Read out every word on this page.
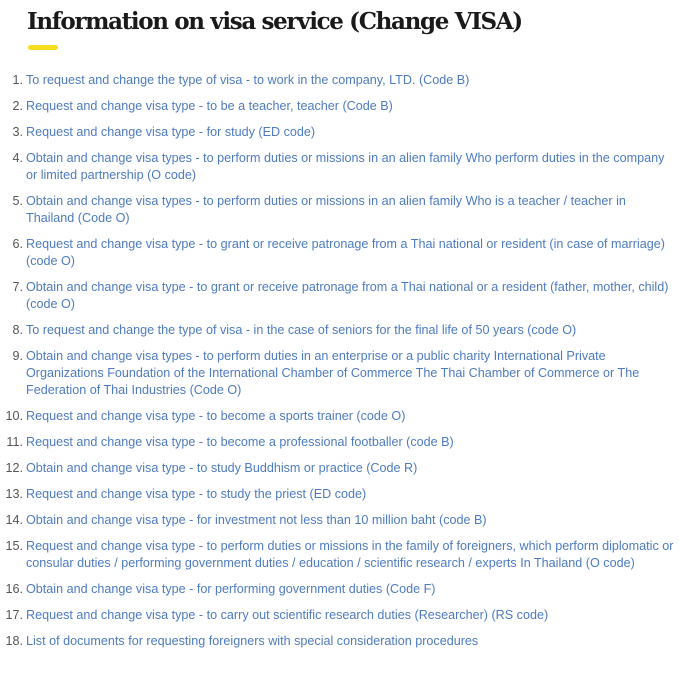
Information on visa service (Change VISA)
1. To request and change the type of visa - to work in the company, LTD. (Code B)
2. Request and change visa type - to be a teacher, teacher (Code B)
3. Request and change visa type - for study (ED code)
4. Obtain and change visa types - to perform duties or missions in an alien family Who perform duties in the company or limited partnership (O code)
5. Obtain and change visa types - to perform duties or missions in an alien family Who is a teacher / teacher in Thailand (Code O)
6. Request and change visa type - to grant or receive patronage from a Thai national or resident (in case of marriage) (code O)
7. Obtain and change visa type - to grant or receive patronage from a Thai national or a resident (father, mother, child) (code O)
8. To request and change the type of visa - in the case of seniors for the final life of 50 years (code O)
9. Obtain and change visa types - to perform duties in an enterprise or a public charity International Private Organizations Foundation of the International Chamber of Commerce The Thai Chamber of Commerce or The Federation of Thai Industries (Code O)
10. Request and change visa type - to become a sports trainer (code O)
11. Request and change visa type - to become a professional footballer (code B)
12. Obtain and change visa type - to study Buddhism or practice (Code R)
13. Request and change visa type - to study the priest (ED code)
14. Obtain and change visa type - for investment not less than 10 million baht (code B)
15. Request and change visa type - to perform duties or missions in the family of foreigners, which perform diplomatic or consular duties / performing government duties / education / scientific research / experts In Thailand (O code)
16. Obtain and change visa type - for performing government duties (Code F)
17. Request and change visa type - to carry out scientific research duties (Researcher) (RS code)
18. List of documents for requesting foreigners with special consideration procedures
